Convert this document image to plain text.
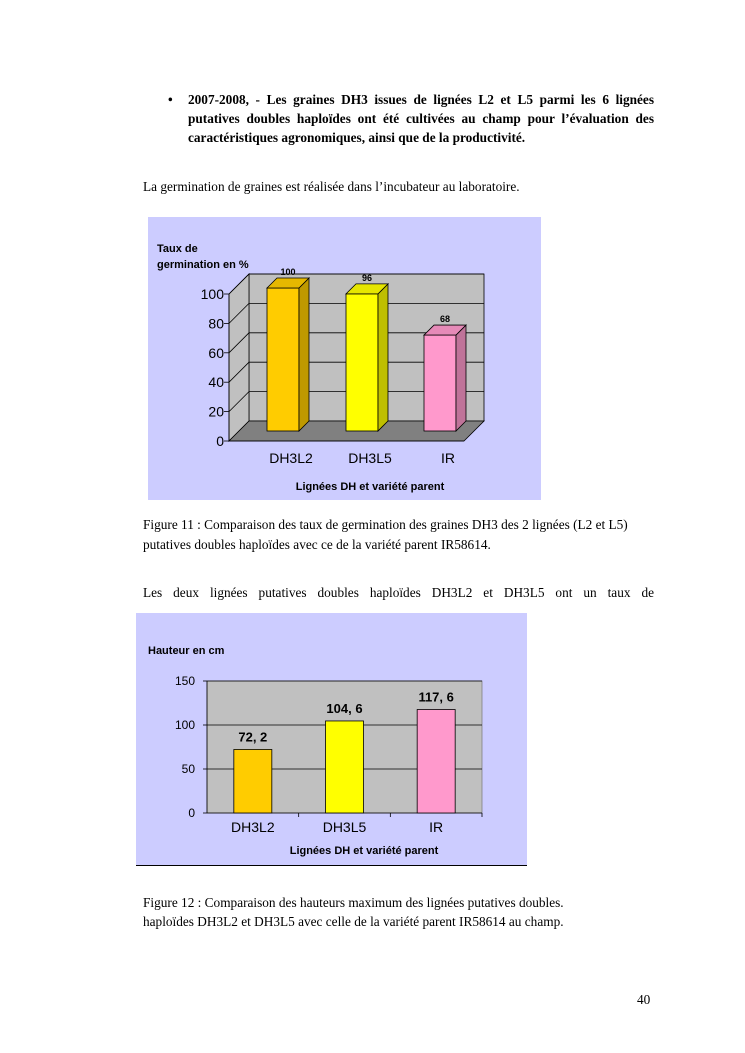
• 2007-2008, - Les graines DH3 issues de lignées L2 et L5 parmi les 6 lignées putatives doubles haploïdes ont été cultivées au champ pour l’évaluation des caractéristiques agronomiques, ainsi que de la productivité.
La germination de graines est réalisée dans l’incubateur au laboratoire.
Taux de
germination en %
0
20
40
60
80
100
100
96
68
DH3L2	DH3L5	IR
Lignées DH et variété parent
Figure 11 : Comparaison des taux de germination des graines DH3 des 2 lignées (L2 et L5) putatives doubles haploïdes avec ce de la variété parent IR58614.
Les deux lignées putatives doubles haploïdes DH3L2 et DH3L5 ont un taux de
Hauteur en cm
0
50
100
150
72, 2
104, 6
117, 6
DH3L2	DH3L5	IR
Lignées DH et variété parent
Figure 12 : Comparaison des hauteurs maximum des lignées putatives doubles.
haploïdes DH3L2 et DH3L5 avec celle de la variété parent IR58614 au champ.
40
